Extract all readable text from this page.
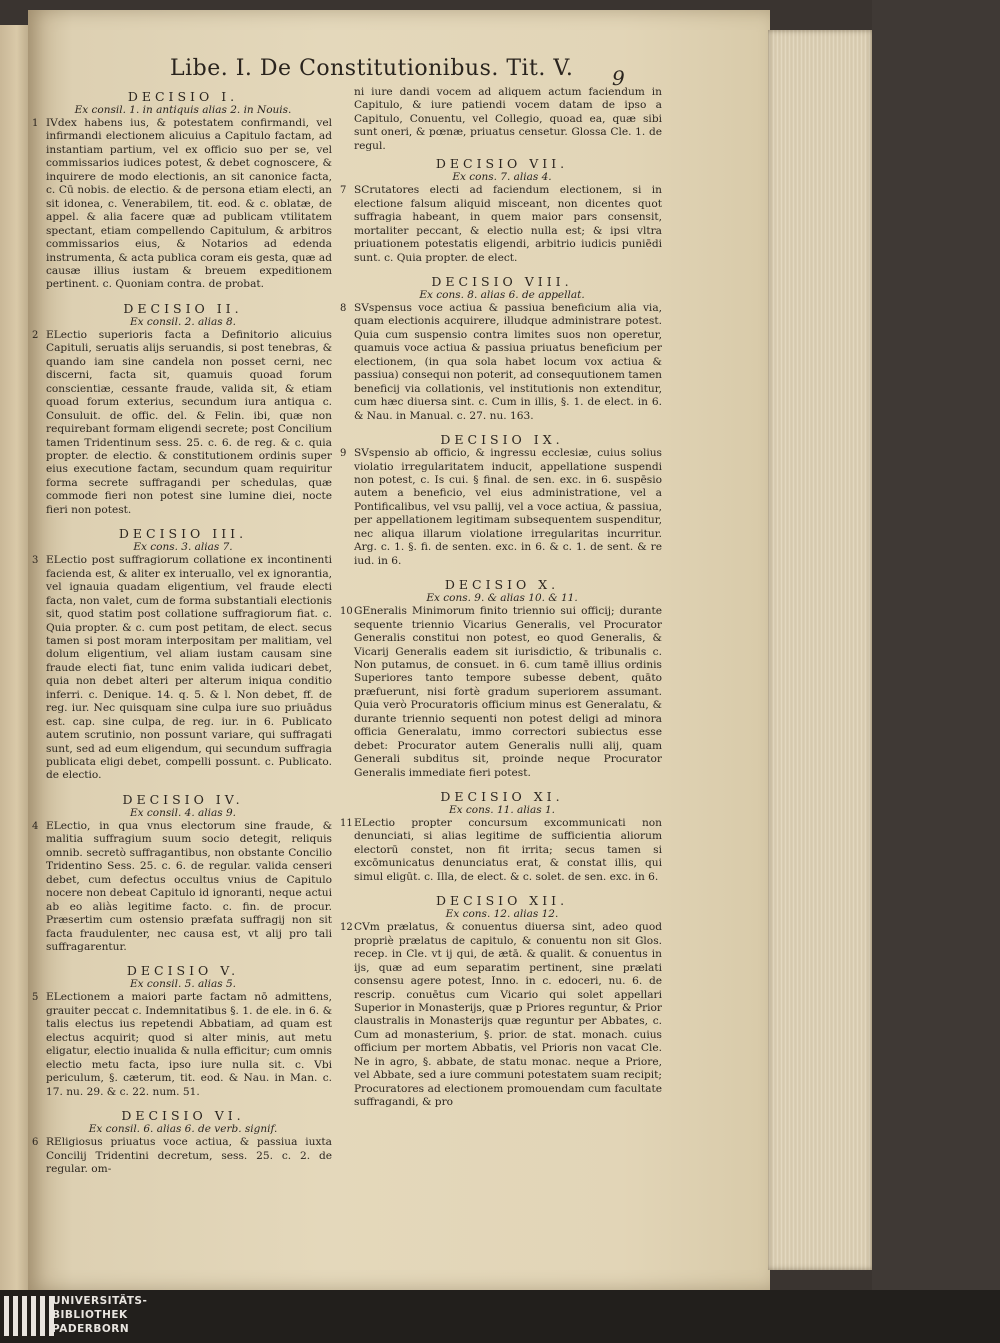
Libe. I. De Constitutionibus. Tit. V.	9

DECISIO I.

Ex consil. 1. in antiquis alias 2. in Nouis.

1 IVdex habens ius, & potestatem confirmandi, vel infirmandi electionem alicuius a Capitulo factam, ad instantiam partium, vel ex officio suo per se, vel commissarios iudices potest, & debet cognoscere, & inquirere de modo electionis, an sit canonice facta, c. Cū nobis. de electio. & de persona etiam electi, an sit idonea, c. Venerabilem, tit. eod. & c. oblatæ, de appel. & alia facere quæ ad publicam vtilitatem spectant, etiam compellendo Capitulum, & arbitros commissarios eius, & Notarios ad edenda instrumenta, & acta publica coram eis gesta, quæ ad causæ illius iustam & breuem expeditionem pertinent. c. Quoniam contra. de probat.

DECISIO II.

Ex consil. 2. alias 8.

2 ELectio superioris facta a Definitorio alicuius Capituli, seruatis alijs seruandis, si post tenebras, & quando iam sine candela non posset cerni, nec discerni, facta sit, quamuis quoad forum conscientiæ, cessante fraude, valida sit, & etiam quoad forum exterius, secundum iura antiqua c. Consuluit. de offic. del. & Felin. ibi, quæ non requirebant formam eligendi secrete; post Concilium tamen Tridentinum sess. 25. c. 6. de reg. & c. quia propter. de electio. & constitutionem ordinis super eius executione factam, secundum quam requiritur forma secrete suffragandi per schedulas, quæ commode fieri non potest sine lumine diei, nocte fieri non potest.

DECISIO III.

Ex cons. 3. alias 7.

3 ELectio post suffragiorum collatione ex incontinenti facienda est, & aliter ex interuallo, vel ex ignorantia, vel ignauia quadam eligentium, vel fraude electi facta, non valet, cum de forma substantiali electionis sit, quod statim post collatione suffragiorum fiat. c. Quia propter. & c. cum post petitam, de elect. secus tamen si post moram interpositam per malitiam, vel dolum eligentium, vel aliam iustam causam sine fraude electi fiat, tunc enim valida iudicari debet, quia non debet alteri per alterum iniqua conditio inferri. c. Denique. 14. q. 5. & l. Non debet, ff. de reg. iur. Nec quisquam sine culpa iure suo priuādus est. cap. sine culpa, de reg. iur. in 6. Publicato autem scrutinio, non possunt variare, qui suffragati sunt, sed ad eum eligendum, qui secundum suffragia publicata eligi debet, compelli possunt. c. Publicato. de electio.

DECISIO IV.

Ex consil. 4. alias 9.

4 ELectio, in qua vnus electorum sine fraude, & malitia suffragium suum socio detegit, reliquis omnib. secretò suffragantibus, non obstante Concilio Tridentino Sess. 25. c. 6. de regular. valida censeri debet, cum defectus occultus vnius de Capitulo nocere non debeat Capitulo id ignoranti, neque actui ab eo aliàs legitime facto. c. fin. de procur. Præsertim cum ostensio præfata suffragij non sit facta fraudulenter, nec causa est, vt alij pro tali suffragarentur.

DECISIO V.

Ex consil. 5. alias 5.

5 ELectionem a maiori parte factam nō admittens, grauiter peccat c. Indemnitatibus §. 1. de ele. in 6. & talis electus ius repetendi Abbatiam, ad quam est electus acquirit; quod si alter minis, aut metu eligatur, electio inualida & nulla efficitur; cum omnis electio metu facta, ipso iure nulla sit. c. Vbi periculum, §. cæterum, tit. eod. & Nau. in Man. c. 17. nu. 29. & c. 22. num. 51.

DECISIO VI.

Ex consil. 6. alias 6. de verb. signif.

6 REligiosus priuatus voce actiua, & passiua iuxta Concilij Tridentini decretum, sess. 25. c. 2. de regular. om-

ni iure dandi vocem ad aliquem actum faciendum in Capitulo, & iure patiendi vocem datam de ipso a Capitulo, Conuentu, vel Collegio, quoad ea, quæ sibi sunt oneri, & pœnæ, priuatus censetur. Glossa Cle. 1. de regul.

DECISIO VII.

Ex cons. 7. alias 4.

7 SCrutatores electi ad faciendum electionem, si in electione falsum aliquid misceant, non dicentes quot suffragia habeant, in quem maior pars consensit, mortaliter peccant, & electio nulla est; & ipsi vltra priuationem potestatis eligendi, arbitrio iudicis puniēdi sunt. c. Quia propter. de elect.

DECISIO VIII.

Ex cons. 8. alias 6. de appellat.

8 SVspensus voce actiua & passiua beneficium alia via, quam electionis acquirere, illudque administrare potest. Quia cum suspensio contra limites suos non operetur, quamuis voce actiua & passiua priuatus beneficium per electionem, (in qua sola habet locum vox actiua & passiua) consequi non poterit, ad consequutionem tamen beneficij via collationis, vel institutionis non extenditur, cum hæc diuersa sint. c. Cum in illis, §. 1. de elect. in 6. & Nau. in Manual. c. 27. nu. 163.

DECISIO IX.

9 SVspensio ab officio, & ingressu ecclesiæ, cuius solius violatio irregularitatem inducit, appellatione suspendi non potest, c. Is cui. § final. de sen. exc. in 6. suspēsio autem a beneficio, vel eius administratione, vel a Pontificalibus, vel vsu pallij, vel a voce actiua, & passiua, per appellationem legitimam subsequentem suspenditur, nec aliqua illarum violatione irregularitas incurritur. Arg. c. 1. §. fi. de senten. exc. in 6. & c. 1. de sent. & re iud. in 6.

DECISIO X.

Ex cons. 9. & alias 10. & 11.

10 GEneralis Minimorum finito triennio sui officij; durante sequente triennio Vicarius Generalis, vel Procurator Generalis constitui non potest, eo quod Generalis, & Vicarij Generalis eadem sit iurisdictio, & tribunalis c. Non putamus, de consuet. in 6. cum tamē illius ordinis Superiores tanto tempore subesse debent, quāto præfuerunt, nisi fortè gradum superiorem assumant. Quia verò Procuratoris officium minus est Generalatu, & durante triennio sequenti non potest deligi ad minora officia Generalatu, immo correctori subiectus esse debet: Procurator autem Generalis nulli alij, quam Generali subditus sit, proinde neque Procurator Generalis immediate fieri potest.

DECISIO XI.

Ex cons. 11. alias 1.

11 ELectio propter concursum excommunicati non denunciati, si alias legitime de sufficientia aliorum electorū constet, non fit irrita; secus tamen si excōmunicatus denunciatus erat, & constat illis, qui simul eligūt. c. Illa, de elect. & c. solet. de sen. exc. in 6.

DECISIO XII.

Ex cons. 12. alias 12.

12 CVm prælatus, & conuentus diuersa sint, adeo quod propriè prælatus de capitulo, & conuentu non sit Glos. recep. in Cle. vt ij qui, de ætā. & qualit. & conuentus in ijs, quæ ad eum separatim pertinent, sine prælati consensu agere potest, Inno. in c. edoceri, nu. 6. de rescrip. conuētus cum Vicario qui solet appellari Superior in Monasterijs, quæ p Priores reguntur, & Prior claustralis in Monasterijs quæ reguntur per Abbates, c. Cum ad monasterium, §. prior. de stat. monach. cuius officium per mortem Abbatis, vel Prioris non vacat Cle. Ne in agro, §. abbate, de statu monac. neque a Priore, vel Abbate, sed a iure communi potestatem suam recipit; Procuratores ad electionem promouendam cum facultate suffragandi, & pro
UNIVERSITÄTS-
BIBLIOTHEK
PADERBORN
